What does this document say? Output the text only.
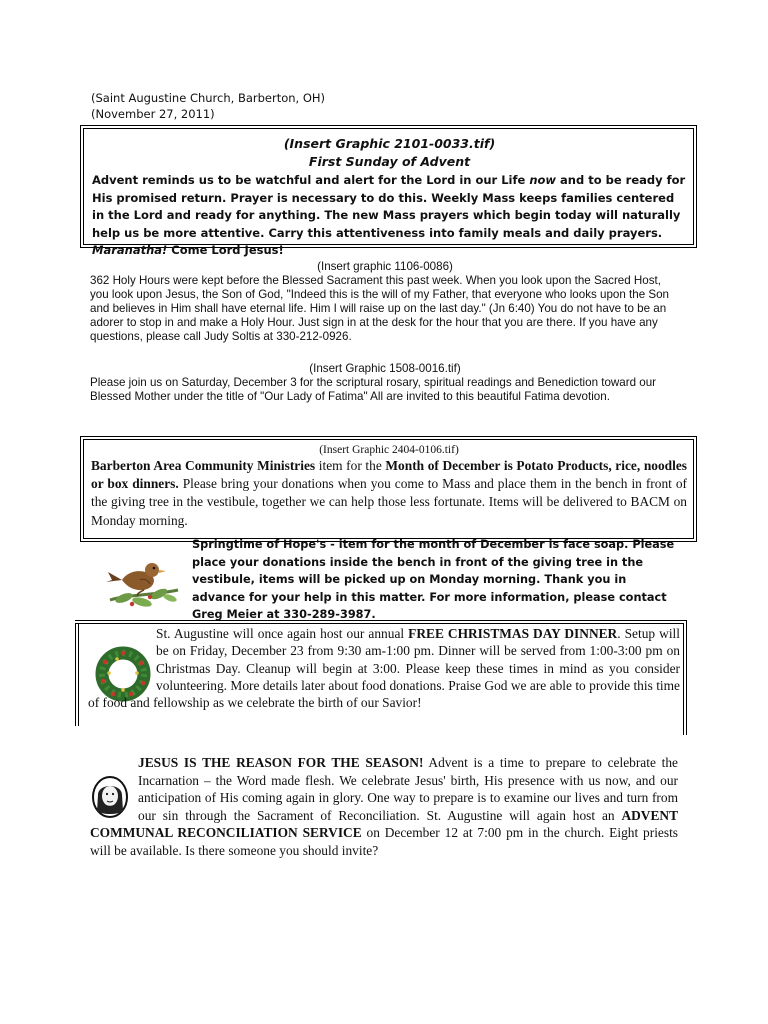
(Saint Augustine Church, Barberton, OH)
(November 27, 2011)
(Insert Graphic 2101-0033.tif)
First Sunday of Advent
Advent reminds us to be watchful and alert for the Lord in our Life now and to be ready for His promised return. Prayer is necessary to do this. Weekly Mass keeps families centered in the Lord and ready for anything. The new Mass prayers which begin today will naturally help us be more attentive. Carry this attentiveness into family meals and daily prayers. Maranatha! Come Lord Jesus!
(Insert graphic 1106-0086)
362 Holy Hours were kept before the Blessed Sacrament this past week. When you look upon the Sacred Host, you look upon Jesus, the Son of God, "Indeed this is the will of my Father, that everyone who looks upon the Son and believes in Him shall have eternal life. Him I will raise up on the last day." (Jn 6:40) You do not have to be an adorer to stop in and make a Holy Hour. Just sign in at the desk for the hour that you are there. If you have any questions, please call Judy Soltis at 330-212-0926.
(Insert Graphic 1508-0016.tif)
Please join us on Saturday, December 3 for the scriptural rosary, spiritual readings and Benediction toward our Blessed Mother under the title of "Our Lady of Fatima" All are invited to this beautiful Fatima devotion.
(Insert Graphic 2404-0106.tif)
Barberton Area Community Ministries item for the Month of December is Potato Products, rice, noodles or box dinners. Please bring your donations when you come to Mass and place them in the bench in front of the giving tree in the vestibule, together we can help those less fortunate. Items will be delivered to BACM on Monday morning.
Springtime of Hope's - item for the month of December is face soap. Please place your donations inside the bench in front of the giving tree in the vestibule, items will be picked up on Monday morning. Thank you in advance for your help in this matter. For more information, please contact Greg Meier at 330-289-3987.
St. Augustine will once again host our annual FREE CHRISTMAS DAY DINNER. Setup will be on Friday, December 23 from 9:30 am-1:00 pm. Dinner will be served from 1:00-3:00 pm on Christmas Day. Cleanup will begin at 3:00. Please keep these times in mind as you consider volunteering. More details later about food donations. Praise God we are able to provide this time of food and fellowship as we celebrate the birth of our Savior!
JESUS IS THE REASON FOR THE SEASON! Advent is a time to prepare to celebrate the Incarnation – the Word made flesh. We celebrate Jesus' birth, His presence with us now, and our anticipation of His coming again in glory. One way to prepare is to examine our lives and turn from our sin through the Sacrament of Reconciliation. St. Augustine will again host an ADVENT COMMUNAL RECONCILIATION SERVICE on December 12 at 7:00 pm in the church. Eight priests will be available. Is there someone you should invite?
